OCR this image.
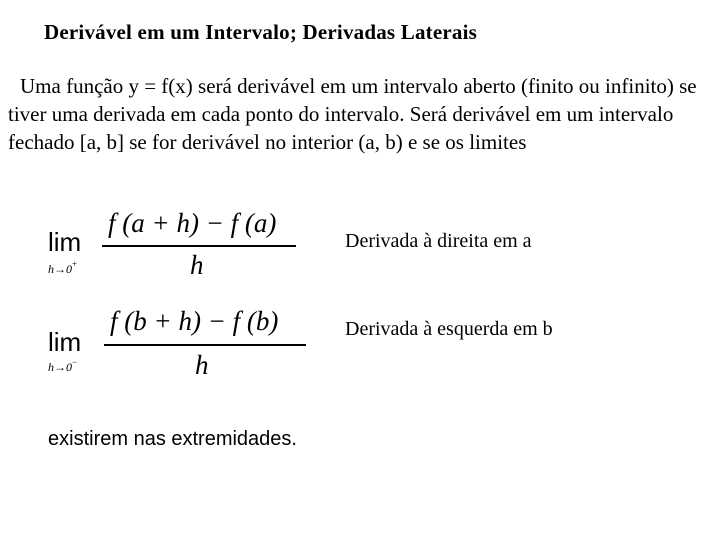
Derivável em um Intervalo; Derivadas Laterais
Uma função y = f(x) será derivável em um intervalo aberto (finito ou infinito) se tiver uma derivada em cada ponto do intervalo. Será derivável em um intervalo fechado [a, b] se for derivável no interior (a, b) e se os limites
lim
h→0+
f (a + h) − f (a)
h
Derivada à direita em a
lim
h→0−
f (b + h) − f (b)
h
Derivada à esquerda em b
existirem nas extremidades.
